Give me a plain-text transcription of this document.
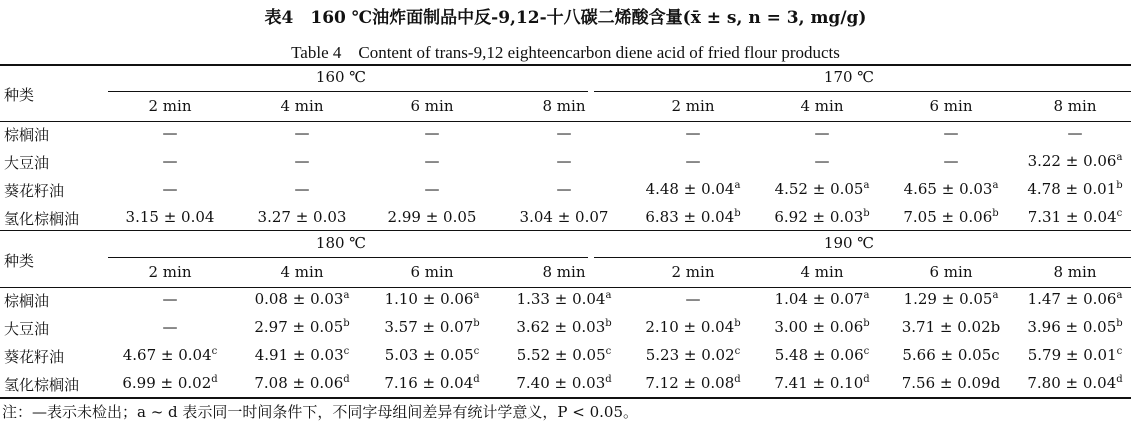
表4　160 ℃油炸面制品中反-9,12-十八碳二烯酸含量(x̄ ± s, n = 3, mg/g)
Table 4　Content of trans-9,12 eighteencarbon diene acid of fried flour products
注：—表示未检出；a ~ d 表示同一时间条件下，不同字母组间差异有统计学意义，P < 0.05。
160 ℃	170 ℃
种类
2 min	4 min	6 min	8 min	2 min	4 min	6 min	8 min
棕榈油	—	—	—	—	—	—	—	—
大豆油	—	—	—	—	—	—	—	3.22 ± 0.06$^a$
葵花籽油	—	—	—	—	4.48 ± 0.04$^a$ 4.52 ± 0.05$^a$ 4.65 ± 0.03$^a$ 4.78 ± 0.01$^b$
氢化棕榈油	3.15 ± 0.04	3.27 ± 0.03	2.99 ± 0.05	3.04 ± 0.07 6.83 ± 0.04$^b$ 6.92 ± 0.03$^b$ 7.05 ± 0.06$^b$ 7.31 ± 0.04$^c$
180 ℃	190 ℃
种类
2 min	4 min	6 min	8 min	2 min	4 min	6 min	8 min
棕榈油	—	0.08 ± 0.03$^a$ 1.10 ± 0.06$^a$ 1.33 ± 0.04$^a$	—	1.04 ± 0.07$^a$ 1.29 ± 0.05$^a$ 1.47 ± 0.06$^a$
大豆油	—	2.97 ± 0.05$^b$ 3.57 ± 0.07$^b$ 3.62 ± 0.03$^b$ 2.10 ± 0.04$^b$ 3.00 ± 0.06$^b$ 3.71 ± 0.02b 3.96 ± 0.05$^b$
葵花籽油	4.67 ± 0.04$^c$ 4.91 ± 0.03$^c$ 5.03 ± 0.05$^c$ 5.52 ± 0.05$^c$ 5.23 ± 0.02$^c$ 5.48 ± 0.06$^c$ 5.66 ± 0.05c 5.79 ± 0.01$^c$
氢化棕榈油	6.99 ± 0.02$^d$ 7.08 ± 0.06$^d$ 7.16 ± 0.04$^d$ 7.40 ± 0.03$^d$ 7.12 ± 0.08$^d$ 7.41 ± 0.10$^d$ 7.56 ± 0.09d 7.80 ± 0.04$^d$
